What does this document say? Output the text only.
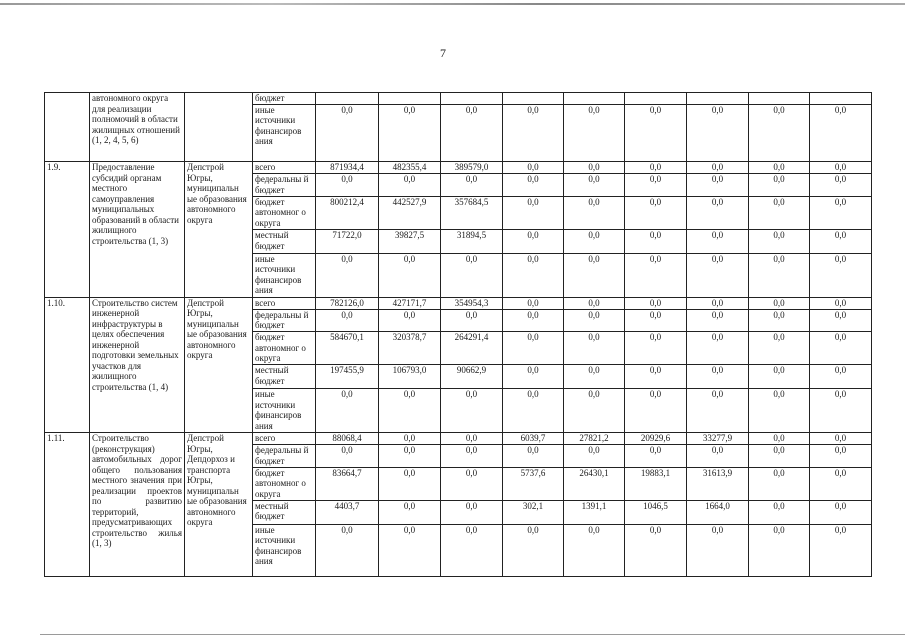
7
	автономного округа для реализации полномочий в области жилищных отношений (1, 2, 4, 5, 6)		бюджет									
			иные источники финансиров ания	0,0	0,0	0,0	0,0	0,0	0,0	0,0	0,0	0,0
1.9.	Предоставление субсидий органам местного самоуправления муниципальных образований в области жилищного строительства (1, 3)	Депстрой Югры, муниципальн ые образования автономного округа	всего	871934,4	482355,4	389579,0	0,0	0,0	0,0	0,0	0,0	0,0
			федеральны й бюджет	0,0	0,0	0,0	0,0	0,0	0,0	0,0	0,0	0,0
			бюджет автономног о округа	800212,4	442527,9	357684,5	0,0	0,0	0,0	0,0	0,0	0,0
			местный бюджет	71722,0	39827,5	31894,5	0,0	0,0	0,0	0,0	0,0	0,0
			иные источники финансиров ания	0,0	0,0	0,0	0,0	0,0	0,0	0,0	0,0	0,0
1.10.	Строительство систем инженерной инфраструктуры в целях обеспечения инженерной подготовки земельных участков для жилищного строительства (1, 4)	Депстрой Югры, муниципальн ые образования автономного округа	всего	782126,0	427171,7	354954,3	0,0	0,0	0,0	0,0	0,0	0,0
			федеральны й бюджет	0,0	0,0	0,0	0,0	0,0	0,0	0,0	0,0	0,0
			бюджет автономног о округа	584670,1	320378,7	264291,4	0,0	0,0	0,0	0,0	0,0	0,0
			местный бюджет	197455,9	106793,0	90662,9	0,0	0,0	0,0	0,0	0,0	0,0
			иные источники финансиров ания	0,0	0,0	0,0	0,0	0,0	0,0	0,0	0,0	0,0
1.11.	Строительство (реконструкция) автомобильных дорог общего пользования местного значения при реализации проектов по развитию территорий, предусматривающих строительство жилья (1, 3)	Депстрой Югры, Депдорхоз и транспорта Югры, муниципальн ые образования автономного округа	всего	88068,4	0,0	0,0	6039,7	27821,2	20929,6	33277,9	0,0	0,0
			федеральны й бюджет	0,0	0,0	0,0	0,0	0,0	0,0	0,0	0,0	0,0
			бюджет автономног о округа	83664,7	0,0	0,0	5737,6	26430,1	19883,1	31613,9	0,0	0,0
			местный бюджет	4403,7	0,0	0,0	302,1	1391,1	1046,5	1664,0	0,0	0,0
			иные источники финансиров ания	0,0	0,0	0,0	0,0	0,0	0,0	0,0	0,0	0,0
